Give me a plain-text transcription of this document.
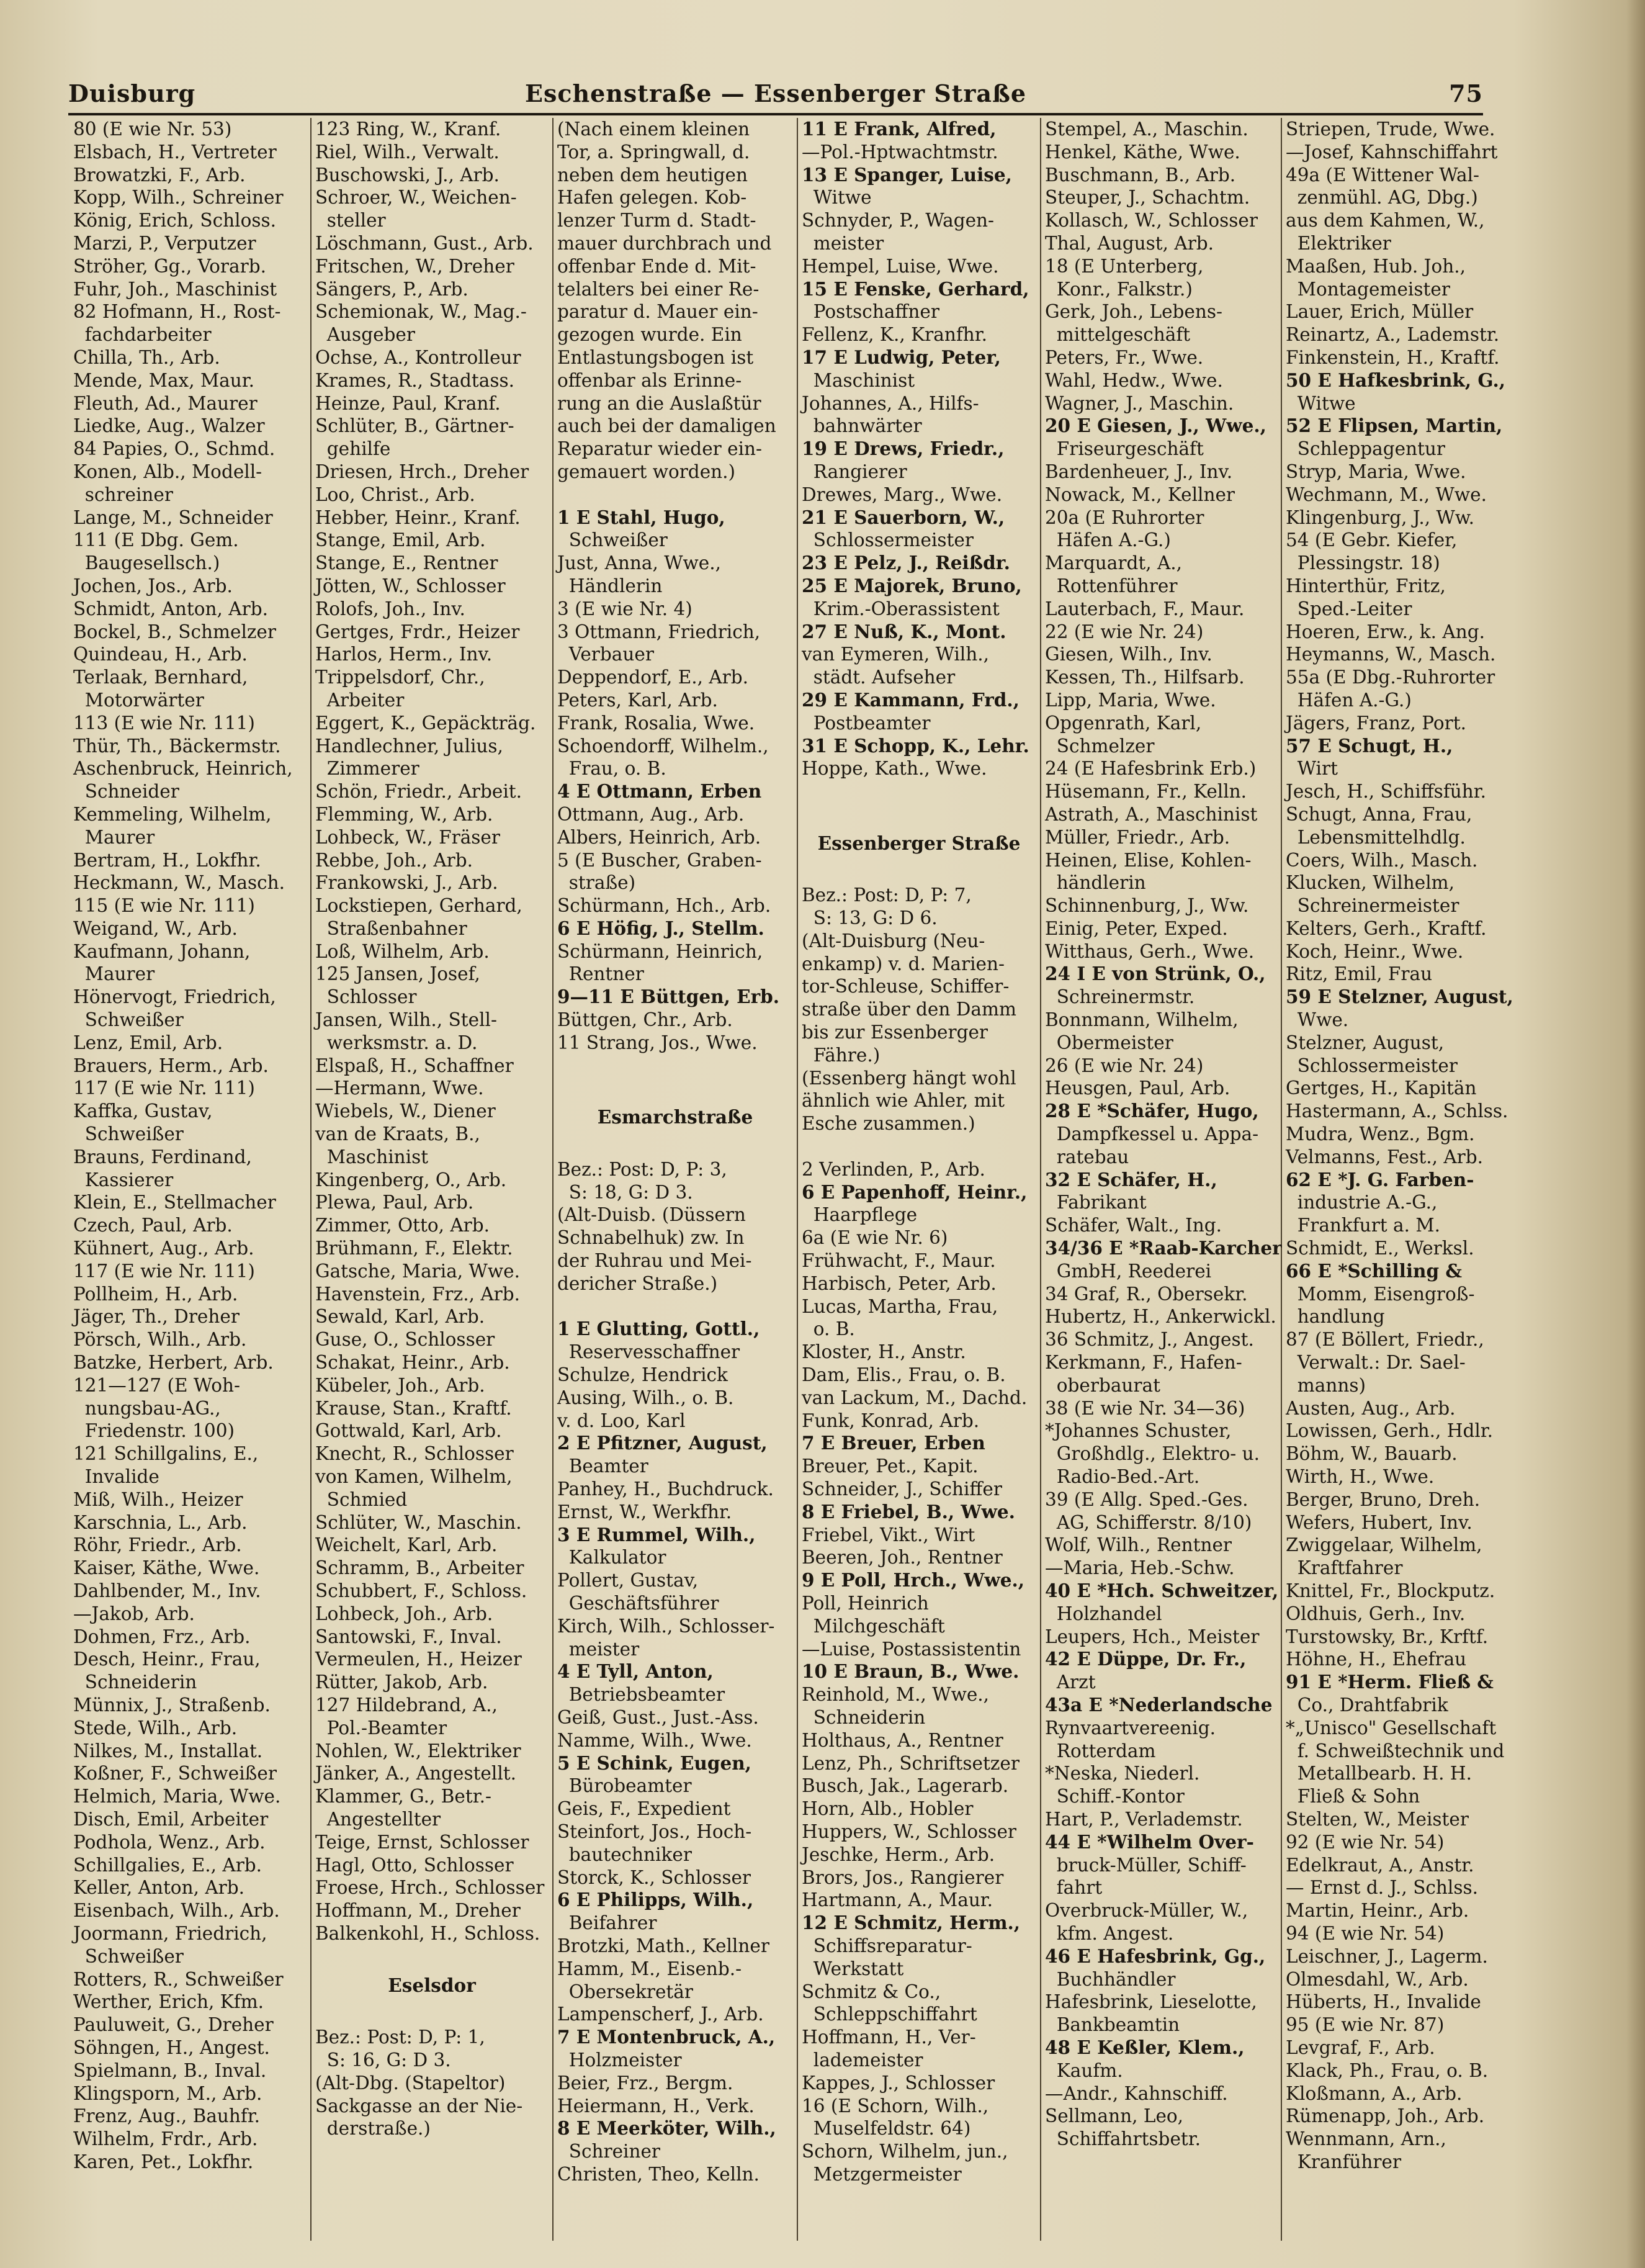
Duisburg	Eschenstraße — Essenberger Straße	75
80 (E wie Nr. 53)
Elsbach, H., Vertreter
Browatzki, F., Arb.
Kopp, Wilh., Schreiner
König, Erich, Schloss.
Marzi, P., Verputzer
Ströher, Gg., Vorarb.
Fuhr, Joh., Maschinist
82 Hofmann, H., Rost-
fachdarbeiter
Chilla, Th., Arb.
Mende, Max, Maur.
Fleuth, Ad., Maurer
Liedke, Aug., Walzer
84 Papies, O., Schmd.
Konen, Alb., Modell-
schreiner
Lange, M., Schneider
111 (E Dbg. Gem.
Baugesellsch.)
Jochen, Jos., Arb.
Schmidt, Anton, Arb.
Bockel, B., Schmelzer
Quindeau, H., Arb.
Terlaak, Bernhard,
Motorwärter
113 (E wie Nr. 111)
Thür, Th., Bäckermstr.
Aschenbruck, Heinrich,
Schneider
Kemmeling, Wilhelm,
Maurer
Bertram, H., Lokfhr.
Heckmann, W., Masch.
115 (E wie Nr. 111)
Weigand, W., Arb.
Kaufmann, Johann,
Maurer
Hönervogt, Friedrich,
Schweißer
Lenz, Emil, Arb.
Brauers, Herm., Arb.
117 (E wie Nr. 111)
Kaffka, Gustav,
Schweißer
Brauns, Ferdinand,
Kassierer
Klein, E., Stellmacher
Czech, Paul, Arb.
Kühnert, Aug., Arb.
117 (E wie Nr. 111)
Pollheim, H., Arb.
Jäger, Th., Dreher
Pörsch, Wilh., Arb.
Batzke, Herbert, Arb.
121—127 (E Woh-
nungsbau-AG.,
Friedenstr. 100)
121 Schillgalins, E.,
Invalide
Miß, Wilh., Heizer
Karschnia, L., Arb.
Röhr, Friedr., Arb.
Kaiser, Käthe, Wwe.
Dahlbender, M., Inv.
—Jakob, Arb.
Dohmen, Frz., Arb.
Desch, Heinr., Frau,
Schneiderin
Münnix, J., Straßenb.
Stede, Wilh., Arb.
Nilkes, M., Installat.
Koßner, F., Schweißer
Helmich, Maria, Wwe.
Disch, Emil, Arbeiter
Podhola, Wenz., Arb.
Schillgalies, E., Arb.
Keller, Anton, Arb.
Eisenbach, Wilh., Arb.
Joormann, Friedrich,
Schweißer
Rotters, R., Schweißer
Werther, Erich, Kfm.
Pauluweit, G., Dreher
Söhngen, H., Angest.
Spielmann, B., Inval.
Klingsporn, M., Arb.
Frenz, Aug., Bauhfr.
Wilhelm, Frdr., Arb.
Karen, Pet., Lokfhr.
123 Ring, W., Kranf.
Riel, Wilh., Verwalt.
Buschowski, J., Arb.
Schroer, W., Weichen-
steller
Löschmann, Gust., Arb.
Fritschen, W., Dreher
Sängers, P., Arb.
Schemionak, W., Mag.-
Ausgeber
Ochse, A., Kontrolleur
Krames, R., Stadtass.
Heinze, Paul, Kranf.
Schlüter, B., Gärtner-
gehilfe
Driesen, Hrch., Dreher
Loo, Christ., Arb.
Hebber, Heinr., Kranf.
Stange, Emil, Arb.
Stange, E., Rentner
Jötten, W., Schlosser
Rolofs, Joh., Inv.
Gertges, Frdr., Heizer
Harlos, Herm., Inv.
Trippelsdorf, Chr.,
Arbeiter
Eggert, K., Gepäckträg.
Handlechner, Julius,
Zimmerer
Schön, Friedr., Arbeit.
Flemming, W., Arb.
Lohbeck, W., Fräser
Rebbe, Joh., Arb.
Frankowski, J., Arb.
Lockstiepen, Gerhard,
Straßenbahner
Loß, Wilhelm, Arb.
125 Jansen, Josef,
Schlosser
Jansen, Wilh., Stell-
werksmstr. a. D.
Elspaß, H., Schaffner
—Hermann, Wwe.
Wiebels, W., Diener
van de Kraats, B.,
Maschinist
Kingenberg, O., Arb.
Plewa, Paul, Arb.
Zimmer, Otto, Arb.
Brühmann, F., Elektr.
Gatsche, Maria, Wwe.
Havenstein, Frz., Arb.
Sewald, Karl, Arb.
Guse, O., Schlosser
Schakat, Heinr., Arb.
Kübeler, Joh., Arb.
Krause, Stan., Kraftf.
Gottwald, Karl, Arb.
Knecht, R., Schlosser
von Kamen, Wilhelm,
Schmied
Schlüter, W., Maschin.
Weichelt, Karl, Arb.
Schramm, B., Arbeiter
Schubbert, F., Schloss.
Lohbeck, Joh., Arb.
Santowski, F., Inval.
Vermeulen, H., Heizer
Rütter, Jakob, Arb.
127 Hildebrand, A.,
Pol.-Beamter
Nohlen, W., Elektriker
Jänker, A., Angestellt.
Klammer, G., Betr.-
Angestellter
Teige, Ernst, Schlosser
Hagl, Otto, Schlosser
Froese, Hrch., Schlosser
Hoffmann, M., Dreher
Balkenkohl, H., Schloss.

Eselsdor

Bez.: Post: D, P: 1,
S: 16, G: D 3.
(Alt-Dbg. (Stapeltor)
Sackgasse an der Nie-
derstraße.)
(Nach einem kleinen
Tor, a. Springwall, d.
neben dem heutigen
Hafen gelegen. Kob-
lenzer Turm d. Stadt-
mauer durchbrach und
offenbar Ende d. Mit-
telalters bei einer Re-
paratur d. Mauer ein-
gezogen wurde. Ein
Entlastungsbogen ist
offenbar als Erinne-
rung an die Auslaßtür
auch bei der damaligen
Reparatur wieder ein-
gemauert worden.)

1 E Stahl, Hugo,
Schweißer
Just, Anna, Wwe.,
Händlerin
3 (E wie Nr. 4)
3 Ottmann, Friedrich,
Verbauer
Deppendorf, E., Arb.
Peters, Karl, Arb.
Frank, Rosalia, Wwe.
Schoendorff, Wilhelm.,
Frau, o. B.
4 E Ottmann, Erben
Ottmann, Aug., Arb.
Albers, Heinrich, Arb.
5 (E Buscher, Graben-
straße)
Schürmann, Hch., Arb.
6 E Höfig, J., Stellm.
Schürmann, Heinrich,
Rentner
9—11 E Büttgen, Erb.
Büttgen, Chr., Arb.
11 Strang, Jos., Wwe.

Esmarchstraße

Bez.: Post: D, P: 3,
S: 18, G: D 3.
(Alt-Duisb. (Düssern
Schnabelhuk) zw. In
der Ruhrau und Mei-
dericher Straße.)

1 E Glutting, Gottl.,
Reservesschaffner
Schulze, Hendrick
Ausing, Wilh., o. B.
v. d. Loo, Karl
2 E Pfitzner, August,
Beamter
Panhey, H., Buchdruck.
Ernst, W., Werkfhr.
3 E Rummel, Wilh.,
Kalkulator
Pollert, Gustav,
Geschäftsführer
Kirch, Wilh., Schlosser-
meister
4 E Tyll, Anton,
Betriebsbeamter
Geiß, Gust., Just.-Ass.
Namme, Wilh., Wwe.
5 E Schink, Eugen,
Bürobeamter
Geis, F., Expedient
Steinfort, Jos., Hoch-
bautechniker
Storck, K., Schlosser
6 E Philipps, Wilh.,
Beifahrer
Brotzki, Math., Kellner
Hamm, M., Eisenb.-
Obersekretär
Lampenscherf, J., Arb.
7 E Montenbruck, A.,
Holzmeister
Beier, Frz., Bergm.
Heiermann, H., Verk.
8 E Meerköter, Wilh.,
Schreiner
Christen, Theo, Kelln.
11 E Frank, Alfred,
—Pol.-Hptwachtmstr.
13 E Spanger, Luise,
Witwe
Schnyder, P., Wagen-
meister
Hempel, Luise, Wwe.
15 E Fenske, Gerhard,
Postschaffner
Fellenz, K., Kranfhr.
17 E Ludwig, Peter,
Maschinist
Johannes, A., Hilfs-
bahnwärter
19 E Drews, Friedr.,
Rangierer
Drewes, Marg., Wwe.
21 E Sauerborn, W.,
Schlossermeister
23 E Pelz, J., Reißdr.
25 E Majorek, Bruno,
Krim.-Oberassistent
27 E Nuß, K., Mont.
van Eymeren, Wilh.,
städt. Aufseher
29 E Kammann, Frd.,
Postbeamter
31 E Schopp, K., Lehr.
Hoppe, Kath., Wwe.

Essenberger Straße

Bez.: Post: D, P: 7,
S: 13, G: D 6.
(Alt-Duisburg (Neu-
enkamp) v. d. Marien-
tor-Schleuse, Schiffer-
straße über den Damm
bis zur Essenberger
Fähre.)
(Essenberg hängt wohl
ähnlich wie Ahler, mit
Esche zusammen.)

2 Verlinden, P., Arb.
6 E Papenhoff, Heinr.,
Haarpflege
6a (E wie Nr. 6)
Frühwacht, F., Maur.
Harbisch, Peter, Arb.
Lucas, Martha, Frau,
o. B.
Kloster, H., Anstr.
Dam, Elis., Frau, o. B.
van Lackum, M., Dachd.
Funk, Konrad, Arb.
7 E Breuer, Erben
Breuer, Pet., Kapit.
Schneider, J., Schiffer
8 E Friebel, B., Wwe.
Friebel, Vikt., Wirt
Beeren, Joh., Rentner
9 E Poll, Hrch., Wwe.,
Poll, Heinrich
Milchgeschäft
—Luise, Postassistentin
10 E Braun, B., Wwe.
Reinhold, M., Wwe.,
Schneiderin
Holthaus, A., Rentner
Lenz, Ph., Schriftsetzer
Busch, Jak., Lagerarb.
Horn, Alb., Hobler
Huppers, W., Schlosser
Jeschke, Herm., Arb.
Brors, Jos., Rangierer
Hartmann, A., Maur.
12 E Schmitz, Herm.,
Schiffsreparatur-
Werkstatt
Schmitz & Co.,
Schleppschiffahrt
Hoffmann, H., Ver-
lademeister
Kappes, J., Schlosser
16 (E Schorn, Wilh.,
Muselfeldstr. 64)
Schorn, Wilhelm, jun.,
Metzgermeister
Stempel, A., Maschin.
Henkel, Käthe, Wwe.
Buschmann, B., Arb.
Steuper, J., Schachtm.
Kollasch, W., Schlosser
Thal, August, Arb.
18 (E Unterberg,
Konr., Falkstr.)
Gerk, Joh., Lebens-
mittelgeschäft
Peters, Fr., Wwe.
Wahl, Hedw., Wwe.
Wagner, J., Maschin.
20 E Giesen, J., Wwe.,
Friseurgeschäft
Bardenheuer, J., Inv.
Nowack, M., Kellner
20a (E Ruhrorter
Häfen A.-G.)
Marquardt, A.,
Rottenführer
Lauterbach, F., Maur.
22 (E wie Nr. 24)
Giesen, Wilh., Inv.
Kessen, Th., Hilfsarb.
Lipp, Maria, Wwe.
Opgenrath, Karl,
Schmelzer
24 (E Hafesbrink Erb.)
Hüsemann, Fr., Kelln.
Astrath, A., Maschinist
Müller, Friedr., Arb.
Heinen, Elise, Kohlen-
händlerin
Schinnenburg, J., Ww.
Einig, Peter, Exped.
Witthaus, Gerh., Wwe.
24 I E von Strünk, O.,
Schreinermstr.
Bonnmann, Wilhelm,
Obermeister
26 (E wie Nr. 24)
Heusgen, Paul, Arb.
28 E *Schäfer, Hugo,
Dampfkessel u. Appa-
ratebau
32 E Schäfer, H.,
Fabrikant
Schäfer, Walt., Ing.
34/36 E *Raab-Karcher
GmbH, Reederei
34 Graf, R., Obersekr.
Hubertz, H., Ankerwickl.
36 Schmitz, J., Angest.
Kerkmann, F., Hafen-
oberbaurat
38 (E wie Nr. 34—36)
*Johannes Schuster,
Großhdlg., Elektro- u.
Radio-Bed.-Art.
39 (E Allg. Sped.-Ges.
AG, Schifferstr. 8/10)
Wolf, Wilh., Rentner
—Maria, Heb.-Schw.
40 E *Hch. Schweitzer,
Holzhandel
Leupers, Hch., Meister
42 E Düppe, Dr. Fr.,
Arzt
43a E *Nederlandsche
Rynvaartvereenig.
Rotterdam
*Neska, Niederl.
Schiff.-Kontor
Hart, P., Verlademstr.
44 E *Wilhelm Over-
bruck-Müller, Schiff-
fahrt
Overbruck-Müller, W.,
kfm. Angest.
46 E Hafesbrink, Gg.,
Buchhändler
Hafesbrink, Lieselotte,
Bankbeamtin
48 E Keßler, Klem.,
Kaufm.
—Andr., Kahnschiff.
Sellmann, Leo,
Schiffahrtsbetr.
Striepen, Trude, Wwe.
—Josef, Kahnschiffahrt
49a (E Wittener Wal-
zenmühl. AG, Dbg.)
aus dem Kahmen, W.,
Elektriker
Maaßen, Hub. Joh.,
Montagemeister
Lauer, Erich, Müller
Reinartz, A., Lademstr.
Finkenstein, H., Kraftf.
50 E Hafkesbrink, G.,
Witwe
52 E Flipsen, Martin,
Schleppagentur
Stryp, Maria, Wwe.
Wechmann, M., Wwe.
Klingenburg, J., Ww.
54 (E Gebr. Kiefer,
Plessingstr. 18)
Hinterthür, Fritz,
Sped.-Leiter
Hoeren, Erw., k. Ang.
Heymanns, W., Masch.
55a (E Dbg.-Ruhrorter
Häfen A.-G.)
Jägers, Franz, Port.
57 E Schugt, H.,
Wirt
Jesch, H., Schiffsführ.
Schugt, Anna, Frau,
Lebensmittelhdlg.
Coers, Wilh., Masch.
Klucken, Wilhelm,
Schreinermeister
Kelters, Gerh., Kraftf.
Koch, Heinr., Wwe.
Ritz, Emil, Frau
59 E Stelzner, August,
Wwe.
Stelzner, August,
Schlossermeister
Gertges, H., Kapitän
Hastermann, A., Schlss.
Mudra, Wenz., Bgm.
Velmanns, Fest., Arb.
62 E *J. G. Farben-
industrie A.-G.,
Frankfurt a. M.
Schmidt, E., Werksl.
66 E *Schilling &
Momm, Eisengroß-
handlung
87 (E Böllert, Friedr.,
Verwalt.: Dr. Sael-
manns)
Austen, Aug., Arb.
Lowissen, Gerh., Hdlr.
Böhm, W., Bauarb.
Wirth, H., Wwe.
Berger, Bruno, Dreh.
Wefers, Hubert, Inv.
Zwiggelaar, Wilhelm,
Kraftfahrer
Knittel, Fr., Blockputz.
Oldhuis, Gerh., Inv.
Turstowsky, Br., Krftf.
Höhne, H., Ehefrau
91 E *Herm. Fließ &
Co., Drahtfabrik
*„Unisco" Gesellschaft
f. Schweißtechnik und
Metallbearb. H. H.
Fließ & Sohn
Stelten, W., Meister
92 (E wie Nr. 54)
Edelkraut, A., Anstr.
— Ernst d. J., Schlss.
Martin, Heinr., Arb.
94 (E wie Nr. 54)
Leischner, J., Lagerm.
Olmesdahl, W., Arb.
Hüberts, H., Invalide
95 (E wie Nr. 87)
Levgraf, F., Arb.
Klack, Ph., Frau, o. B.
Kloßmann, A., Arb.
Rümenapp, Joh., Arb.
Wennmann, Arn.,
Kranführer
